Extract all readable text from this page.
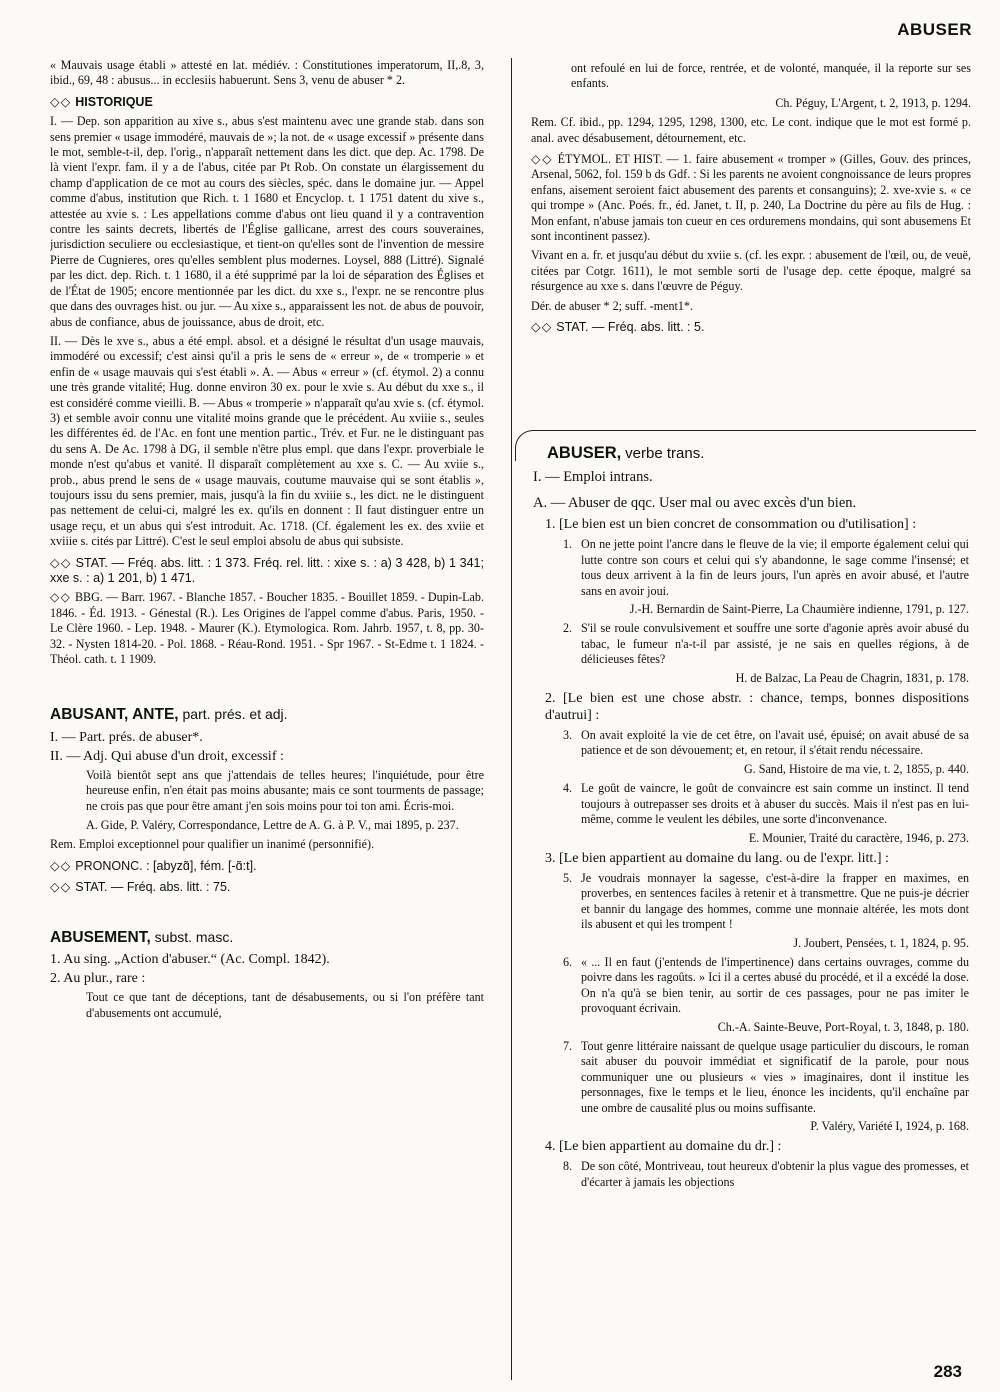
ABUSER

« Mauvais usage établi » attesté en lat. médiév. : Constitutiones imperatorum, II,.8, 3, ibid., 69, 48 : abusus... in ecclesiis habuerunt. Sens 3, venu de abuser * 2.

◇◇ HISTORIQUE

I. — Dep. son apparition au xive s., abus s'est maintenu avec une grande stab. dans son sens premier « usage immodéré, mauvais de »; la not. de « usage excessif » présente dans le mot, semble-t-il, dep. l'orig., n'apparaît nettement dans les dict. que dep. Ac. 1798. De là vient l'expr. fam. il y a de l'abus, citée par Pt Rob. On constate un élargissement du champ d'application de ce mot au cours des siècles, spéc. dans le domaine jur. — Appel comme d'abus, institution que Rich. t. 1 1680 et Encyclop. t. 1 1751 datent du xive s., attestée au xvie s. : Les appellations comme d'abus ont lieu quand il y a contravention contre les saints decrets, libertés de l'Église gallicane, arrest des cours souveraines, jurisdiction seculiere ou ecclesiastique, et tient-on qu'elles sont de l'invention de messire Pierre de Cugnieres, ores qu'elles semblent plus modernes. Loysel, 888 (Littré). Signalé par les dict. dep. Rich. t. 1 1680, il a été supprimé par la loi de séparation des Églises et de l'État de 1905; encore mentionnée par les dict. du xxe s., l'expr. ne se rencontre plus que dans des ouvrages hist. ou jur. — Au xixe s., apparaissent les not. de abus de pouvoir, abus de confiance, abus de jouissance, abus de droit, etc.

II. — Dès le xve s., abus a été empl. absol. et a désigné le résultat d'un usage mauvais, immodéré ou excessif; c'est ainsi qu'il a pris le sens de « erreur », de « tromperie » et enfin de « usage mauvais qui s'est établi ». A. — Abus « erreur » (cf. étymol. 2) a connu une très grande vitalité; Hug. donne environ 30 ex. pour le xvie s. Au début du xxe s., il est considéré comme vieilli. B. — Abus « tromperie » n'apparaît qu'au xvie s. (cf. étymol. 3) et semble avoir connu une vitalité moins grande que le précédent. Au xviiie s., seules les différentes éd. de l'Ac. en font une mention partic., Trév. et Fur. ne le distinguant pas du sens A. De Ac. 1798 à DG, il semble n'être plus empl. que dans l'expr. proverbiale le monde n'est qu'abus et vanité. Il disparaît complètement au xxe s. C. — Au xviie s., prob., abus prend le sens de « usage mauvais, coutume mauvaise qui se sont établis », toujours issu du sens premier, mais, jusqu'à la fin du xviiie s., les dict. ne le distinguent pas nettement de celui-ci, malgré les ex. qu'ils en donnent : Il faut distinguer entre un usage reçu, et un abus qui s'est introduit. Ac. 1718. (Cf. également les ex. des xviie et xviiie s. cités par Littré). C'est le seul emploi absolu de abus qui subsiste.

◇◇ STAT. — Fréq. abs. litt. : 1 373. Fréq. rel. litt. : xixe s. : a) 3 428, b) 1 341; xxe s. : a) 1 201, b) 1 471.

◇◇ BBG. — Barr. 1967. - Blanche 1857. - Boucher 1835. - Bouillet 1859. - Dupin-Lab. 1846. - Éd. 1913. - Génestal (R.). Les Origines de l'appel comme d'abus. Paris, 1950. - Le Clère 1960. - Lep. 1948. - Maurer (K.). Etymologica. Rom. Jahrb. 1957, t. 8, pp. 30-32. - Nysten 1814-20. - Pol. 1868. - Réau-Rond. 1951. - Spr 1967. - St-Edme t. 1 1824. - Théol. cath. t. 1 1909.

ABUSANT, ANTE, part. prés. et adj.
I. — Part. prés. de abuser*.
II. — Adj. Qui abuse d'un droit, excessif :

Voilà bientôt sept ans que j'attendais de telles heures; l'inquiétude, pour être heureuse enfin, n'en était pas moins abusante; mais ce sont tourments de passage; ne crois pas que pour être amant j'en sois moins pour toi ton ami. Écris-moi.

A. Gide, P. Valéry, Correspondance, Lettre de A. G. à P. V., mai 1895, p. 237.

Rem. Emploi exceptionnel pour qualifier un inanimé (personnifié).

◇◇ PRONONC. : [abyzɑ̃], fém. [-ɑ̃:t].

◇◇ STAT. — Fréq. abs. litt. : 75.

ABUSEMENT, subst. masc.
1. Au sing. „Action d'abuser.“ (Ac. Compl. 1842).
2. Au plur., rare :

Tout ce que tant de déceptions, tant de désabusements, ou si l'on préfère tant d'abusements ont accumulé,

ont refoulé en lui de force, rentrée, et de volonté, manquée, il la reporte sur ses enfants.

Ch. Péguy, L'Argent, t. 2, 1913, p. 1294.

Rem. Cf. ibid., pp. 1294, 1295, 1298, 1300, etc. Le cont. indique que le mot est formé p. anal. avec désabusement, détournement, etc.

◇◇ ÉTYMOL. ET HIST. — 1. faire abusement « tromper » (Gilles, Gouv. des princes, Arsenal, 5062, fol. 159 b ds Gdf. : Si les parents ne avoient congnoissance de leurs propres enfans, aisement seroient faict abusement des parents et consanguins); 2. xve-xvie s. « ce qui trompe » (Anc. Poés. fr., éd. Janet, t. II, p. 240, La Doctrine du père au fils de Hug. : Mon enfant, n'abuse jamais ton cueur en ces orduremens mondains, qui sont abusemens Et sont incontinent passez).

Vivant en a. fr. et jusqu'au début du xviie s. (cf. les expr. : abusement de l'œil, ou, de veuë, citées par Cotgr. 1611), le mot semble sorti de l'usage dep. cette époque, malgré sa résurgence au xxe s. dans l'œuvre de Péguy.

Dér. de abuser * 2; suff. -ment1*.

◇◇ STAT. — Fréq. abs. litt. : 5.

ABUSER, verbe trans.
I. — Emploi intrans.
A. — Abuser de qqc. User mal ou avec excès d'un bien.
1. [Le bien est un bien concret de consommation ou d'utilisation] :
1. On ne jette point l'ancre dans le fleuve de la vie; il emporte également celui qui lutte contre son cours et celui qui s'y abandonne, le sage comme l'insensé; et tous deux arrivent à la fin de leurs jours, l'un après en avoir abusé, et l'autre sans en avoir joui.

J.-H. Bernardin de Saint-Pierre, La Chaumière indienne, 1791, p. 127.

2. S'il se roule convulsivement et souffre une sorte d'agonie après avoir abusé du tabac, le fumeur n'a-t-il par assisté, je ne sais en quelles régions, à de délicieuses fêtes?

H. de Balzac, La Peau de Chagrin, 1831, p. 178.

2. [Le bien est une chose abstr. : chance, temps, bonnes dispositions d'autrui] :
3. On avait exploité la vie de cet être, on l'avait usé, épuisé; on avait abusé de sa patience et de son dévouement; et, en retour, il s'était rendu nécessaire.

G. Sand, Histoire de ma vie, t. 2, 1855, p. 440.

4. Le goût de vaincre, le goût de convaincre est sain comme un instinct. Il tend toujours à outrepasser ses droits et à abuser du succès. Mais il n'est pas en lui-même, comme le veulent les débiles, une sorte d'inconvenance.

E. Mounier, Traité du caractère, 1946, p. 273.

3. [Le bien appartient au domaine du lang. ou de l'expr. litt.] :
5. Je voudrais monnayer la sagesse, c'est-à-dire la frapper en maximes, en proverbes, en sentences faciles à retenir et à transmettre. Que ne puis-je décrier et bannir du langage des hommes, comme une monnaie altérée, les mots dont ils abusent et qui les trompent !

J. Joubert, Pensées, t. 1, 1824, p. 95.

6. « ... Il en faut (j'entends de l'impertinence) dans certains ouvrages, comme du poivre dans les ragoûts. » Ici il a certes abusé du procédé, et il a excédé la dose. On n'a qu'à se bien tenir, au sortir de ces passages, pour ne pas imiter le provoquant écrivain.

Ch.-A. Sainte-Beuve, Port-Royal, t. 3, 1848, p. 180.

7. Tout genre littéraire naissant de quelque usage particulier du discours, le roman sait abuser du pouvoir immédiat et significatif de la parole, pour nous communiquer une ou plusieurs « vies » imaginaires, dont il institue les personnages, fixe le temps et le lieu, énonce les incidents, qu'il enchaîne par une ombre de causalité plus ou moins suffisante.

P. Valéry, Variété I, 1924, p. 168.

4. [Le bien appartient au domaine du dr.] :
8. De son côté, Montriveau, tout heureux d'obtenir la plus vague des promesses, et d'écarter à jamais les objections
283
